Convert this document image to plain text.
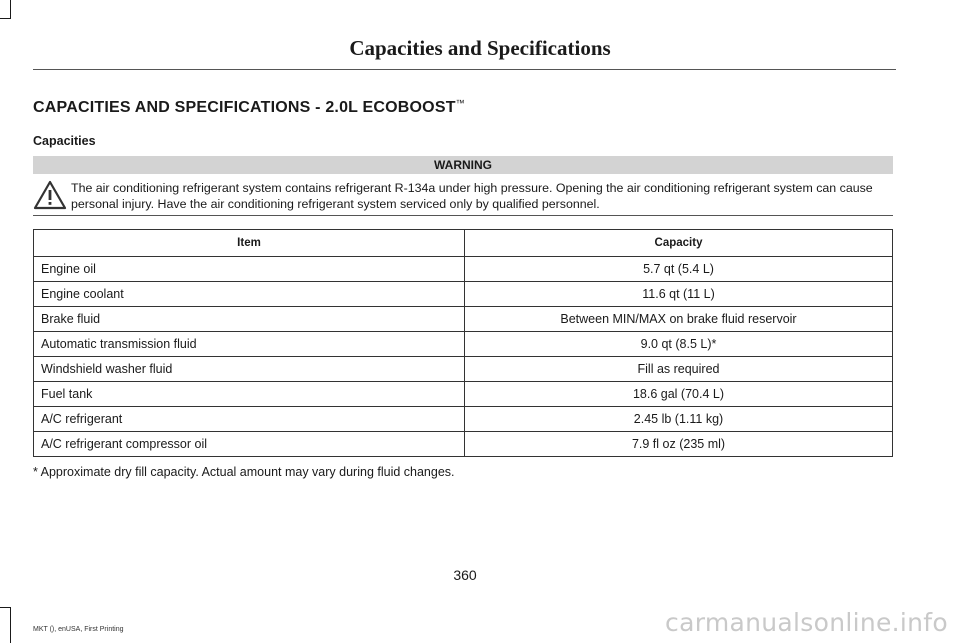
Capacities and Specifications
CAPACITIES AND SPECIFICATIONS - 2.0L ECOBOOST™
Capacities
WARNING
The air conditioning refrigerant system contains refrigerant R-134a under high pressure. Opening the air conditioning refrigerant system can cause personal injury. Have the air conditioning refrigerant system serviced only by qualified personnel.
Item	Capacity
Engine oil	5.7 qt (5.4 L)
Engine coolant	11.6 qt (11 L)
Brake fluid	Between MIN/MAX on brake fluid reservoir
Automatic transmission fluid	9.0 qt (8.5 L)*
Windshield washer fluid	Fill as required
Fuel tank	18.6 gal (70.4 L)
A/C refrigerant	2.45 lb (1.11 kg)
A/C refrigerant compressor oil	7.9 fl oz (235 ml)
* Approximate dry fill capacity. Actual amount may vary during fluid changes.
360
MKT (), enUSA, First Printing	carmanualsonline.info
